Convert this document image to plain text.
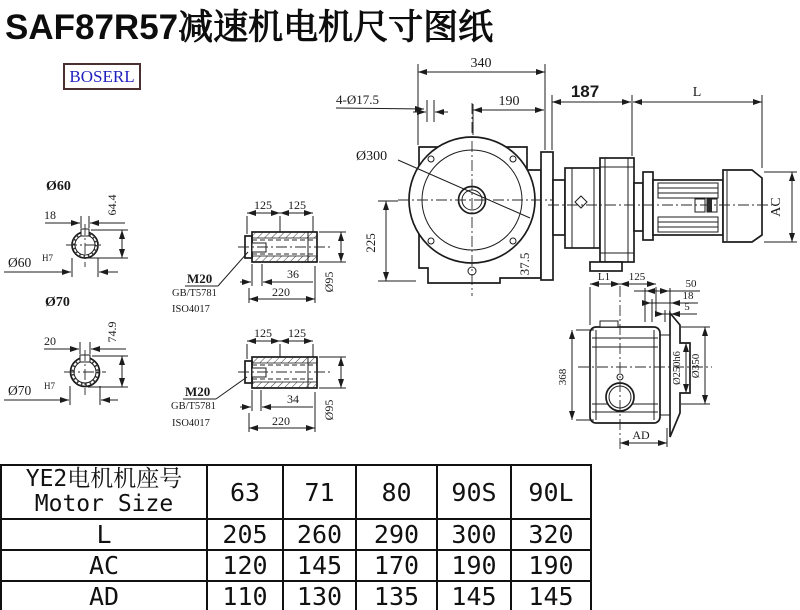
SAF87R57减速机电机尺寸图纸
BOSERL
340
190
4-Ø17.5	187	L
AC
Ø300
225
37.5
Ø60
18	64.4
Ø60 H7
Ø70
20	74.9
Ø70 H7
125 125
36
220	Ø95
M20
GB/T5781
ISO4017
125 125
34
220
Ø95
M20
GB/T5781
ISO4017
L1 125
50
18
5
368	Ø250h6 Ø350
AD
YE2电机机座号
Motor Size	63	71	80	90S	90L
L	205	260	290	300	320
AC	120	145	170	190	190
AD	110	130	135	145	145
